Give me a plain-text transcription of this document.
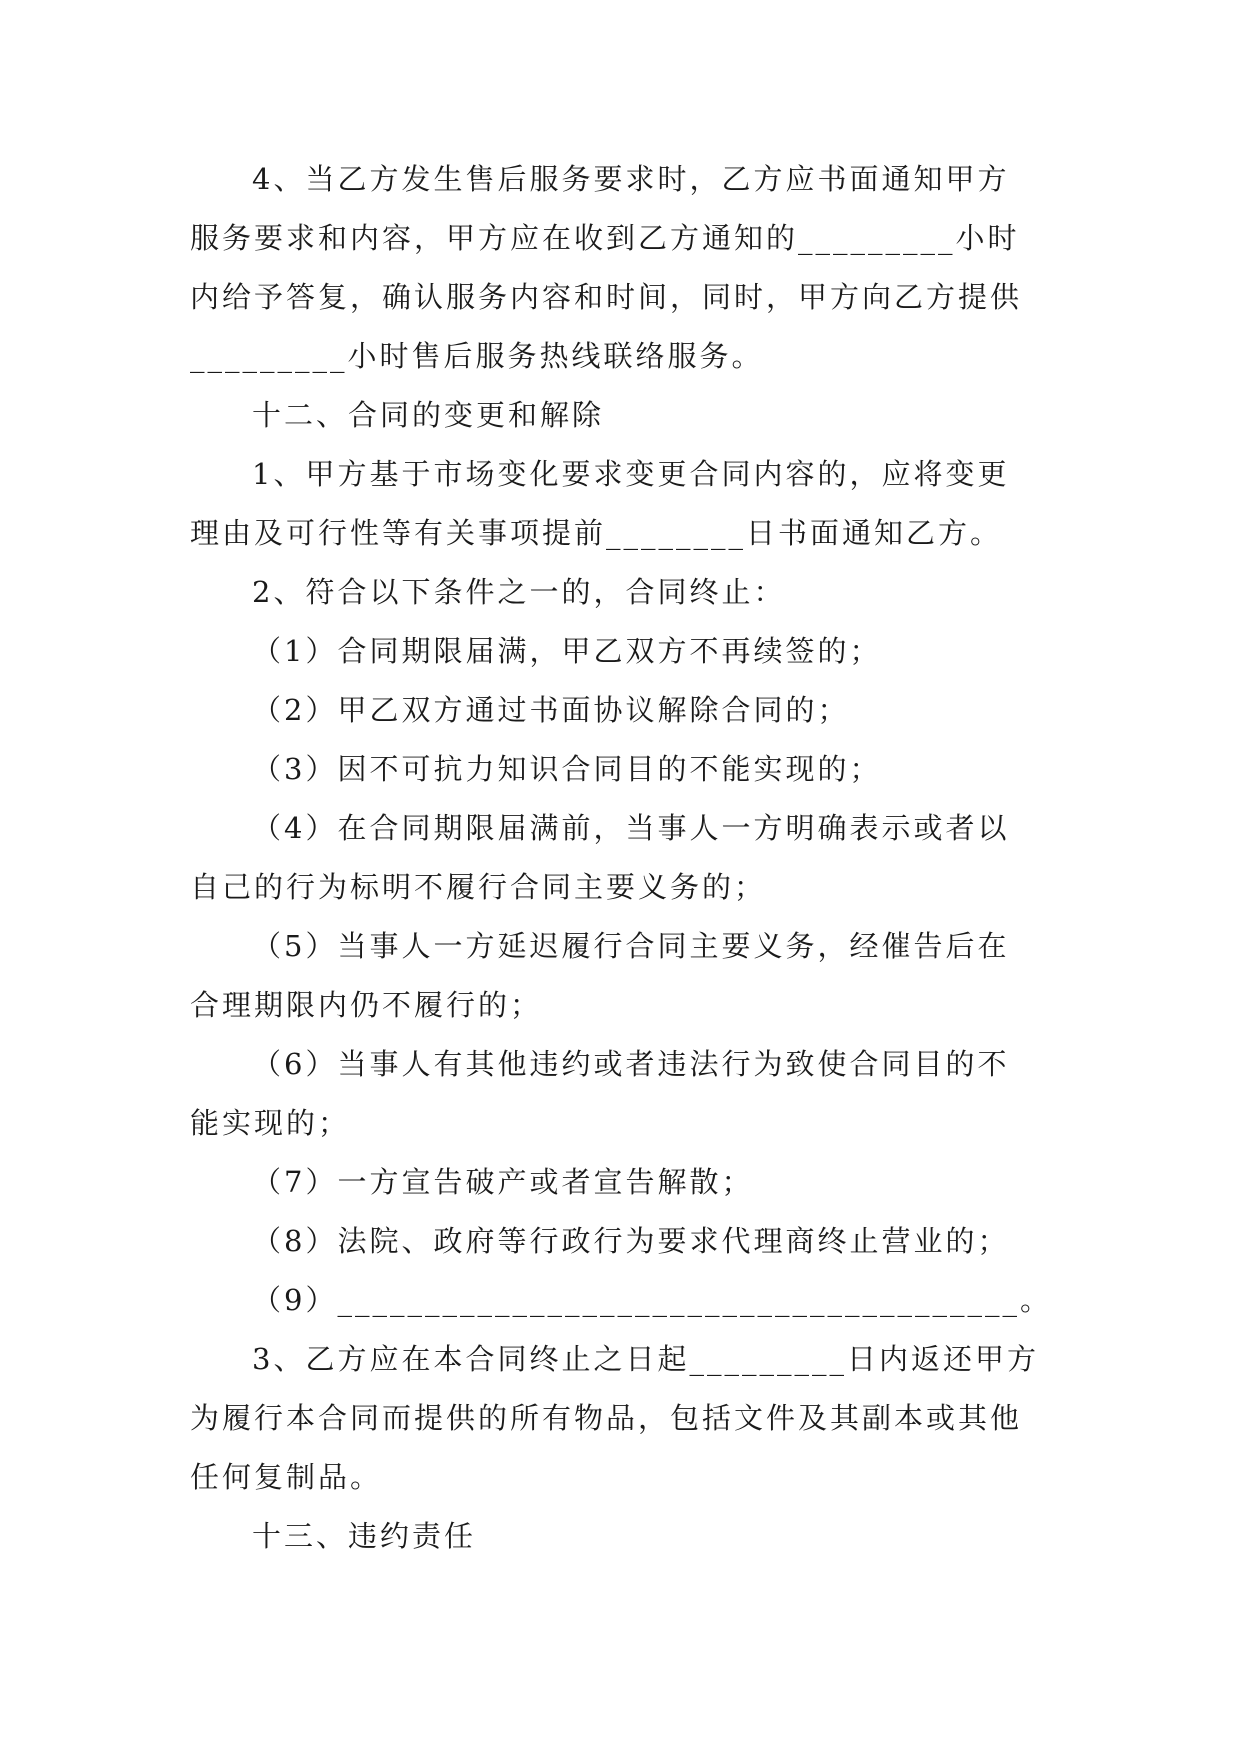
4、当乙方发生售后服务要求时，乙方应书面通知甲方
服务要求和内容，甲方应在收到乙方通知的_________小时
内给予答复，确认服务内容和时间，同时，甲方向乙方提供
_________小时售后服务热线联络服务。

十二、合同的变更和解除

1、甲方基于市场变化要求变更合同内容的，应将变更
理由及可行性等有关事项提前________日书面通知乙方。

2、符合以下条件之一的，合同终止：

（1）合同期限届满，甲乙双方不再续签的；

（2）甲乙双方通过书面协议解除合同的；

（3）因不可抗力知识合同目的不能实现的；

（4）在合同期限届满前，当事人一方明确表示或者以
自己的行为标明不履行合同主要义务的；

（5）当事人一方延迟履行合同主要义务，经催告后在
合理期限内仍不履行的；

（6）当事人有其他违约或者违法行为致使合同目的不
能实现的；

（7）一方宣告破产或者宣告解散；

（8）法院、政府等行政行为要求代理商终止营业的；

（9）_______________________________________。

3、乙方应在本合同终止之日起_________日内返还甲方
为履行本合同而提供的所有物品，包括文件及其副本或其他
任何复制品。

十三、违约责任
